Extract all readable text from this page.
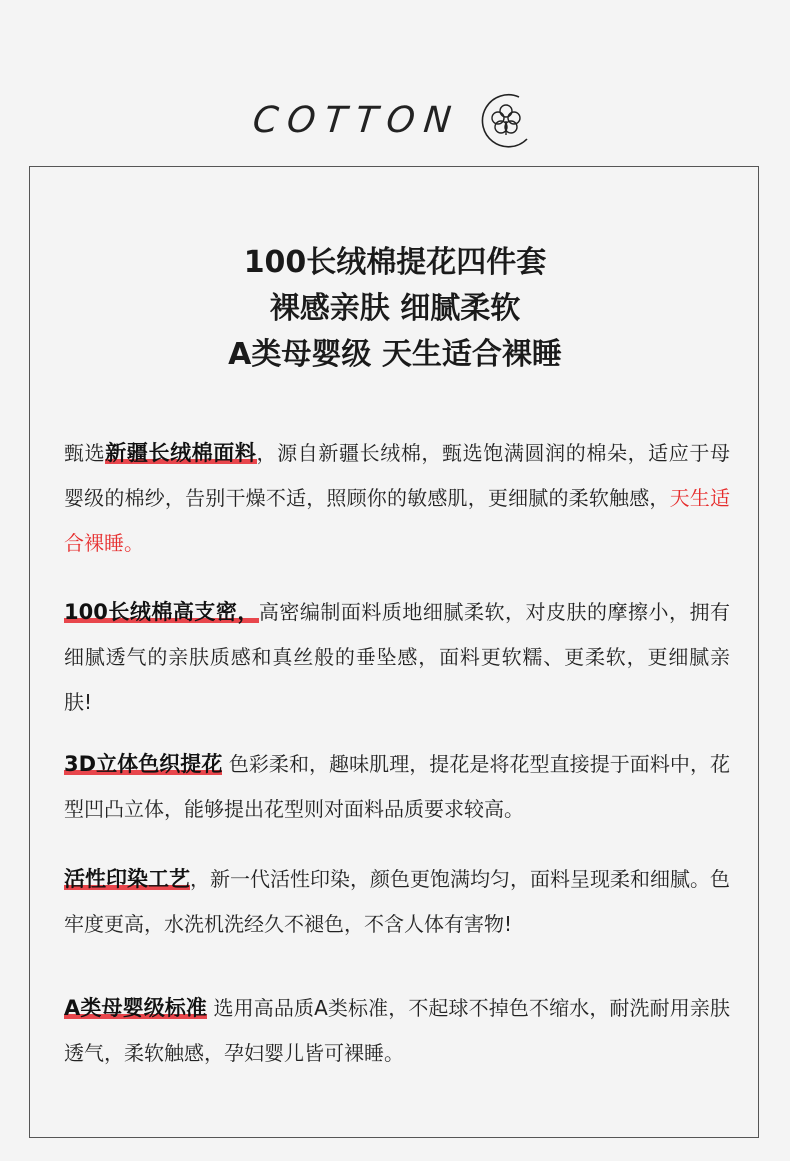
COTTON
100长绒棉提花四件套
裸感亲肤 细腻柔软
A类母婴级 天生适合裸睡
甄选新疆长绒棉面料，源自新疆长绒棉，甄选饱满圆润的棉朵，适应于母婴级的棉纱，告别干燥不适，照顾你的敏感肌，更细腻的柔软触感，天生适合裸睡。
100长绒棉高支密，高密编制面料质地细腻柔软，对皮肤的摩擦小，拥有细腻透气的亲肤质感和真丝般的垂坠感，面料更软糯、更柔软，更细腻亲肤!
3D立体色织提花 色彩柔和，趣味肌理，提花是将花型直接提于面料中，花型凹凸立体，能够提出花型则对面料品质要求较高。
活性印染工艺，新一代活性印染，颜色更饱满均匀，面料呈现柔和细腻。色牢度更高，水洗机洗经久不褪色，不含人体有害物!
A类母婴级标准 选用高品质A类标准，不起球不掉色不缩水，耐洗耐用亲肤透气，柔软触感，孕妇婴儿皆可裸睡。
